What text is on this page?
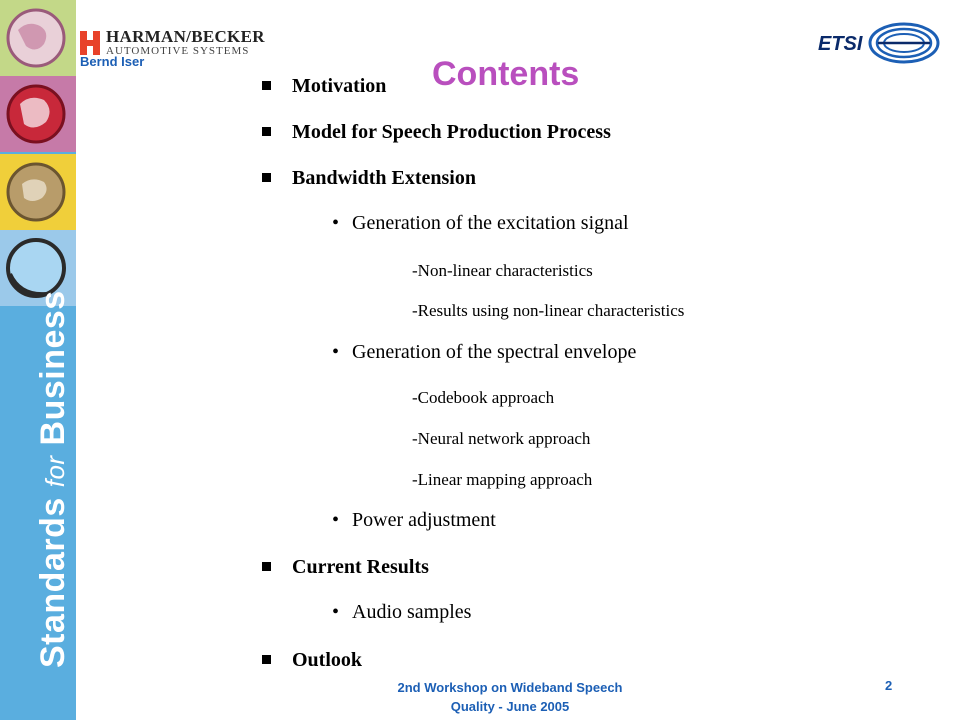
Standards for Business
HARMAN/BECKER
AUTOMOTIVE SYSTEMS
Bernd Iser
ETSI
Contents
Motivation
Model for Speech Production Process
Bandwidth Extension
• Generation of the excitation signal
-Non-linear characteristics
-Results using non-linear characteristics
• Generation of the spectral envelope
-Codebook approach
-Neural network approach
-Linear mapping approach
• Power adjustment
Current Results
• Audio samples
Outlook
2nd Workshop on Wideband Speech
Quality - June 2005
2
